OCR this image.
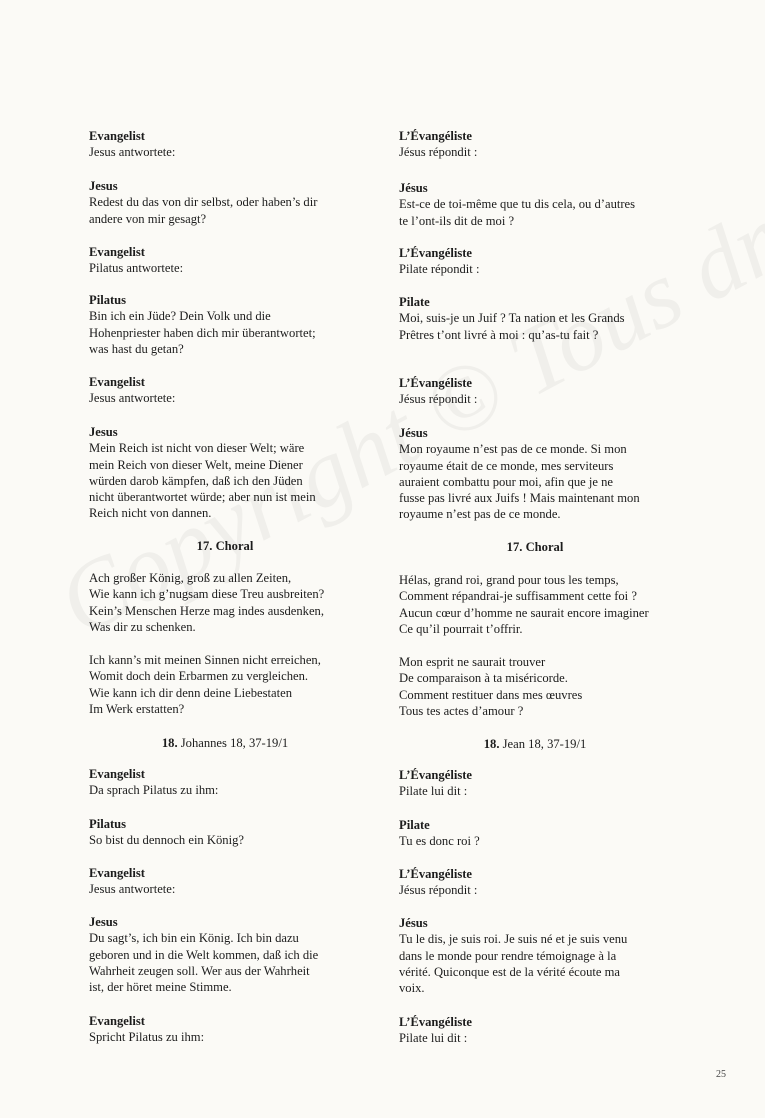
Evangelist
Jesus antwortete:
Jesus
Redest du das von dir selbst, oder haben’s dir
andere von mir gesagt?
Evangelist
Pilatus antwortete:
Pilatus
Bin ich ein Jüde? Dein Volk und die
Hohenpriester haben dich mir überantwortet;
was hast du getan?
Evangelist
Jesus antwortete:
Jesus
Mein Reich ist nicht von dieser Welt; wäre
mein Reich von dieser Welt, meine Diener
würden darob kämpfen, daß ich den Jüden
nicht überantwortet würde; aber nun ist mein
Reich nicht von dannen.
17. Choral
Ach großer König, groß zu allen Zeiten,
Wie kann ich g’nugsam diese Treu ausbreiten?
Kein’s Menschen Herze mag indes ausdenken,
Was dir zu schenken.
Ich kann’s mit meinen Sinnen nicht erreichen,
Womit doch dein Erbarmen zu vergleichen.
Wie kann ich dir denn deine Liebestaten
Im Werk erstatten?
18. Johannes 18, 37-19/1
Evangelist
Da sprach Pilatus zu ihm:
Pilatus
So bist du dennoch ein König?
Evangelist
Jesus antwortete:
Jesus
Du sagt’s, ich bin ein König. Ich bin dazu
geboren und in die Welt kommen, daß ich die
Wahrheit zeugen soll. Wer aus der Wahrheit
ist, der höret meine Stimme.
Evangelist
Spricht Pilatus zu ihm:
L’Évangéliste
Jésus répondit :
Jésus
Est-ce de toi-même que tu dis cela, ou d’autres
te l’ont-ils dit de moi ?
L’Évangéliste
Pilate répondit :
Pilate
Moi, suis-je un Juif ? Ta nation et les Grands
Prêtres t’ont livré à moi : qu’as-tu fait ?
L’Évangéliste
Jésus répondit :
Jésus
Mon royaume n’est pas de ce monde. Si mon
royaume était de ce monde, mes serviteurs
auraient combattu pour moi, afin que je ne
fusse pas livré aux Juifs ! Mais maintenant mon
royaume n’est pas de ce monde.
17. Choral
Hélas, grand roi, grand pour tous les temps,
Comment répandrai-je suffisamment cette foi ?
Aucun cœur d’homme ne saurait encore imaginer
Ce qu’il pourrait t’offrir.
Mon esprit ne saurait trouver
De comparaison à ta miséricorde.
Comment restituer dans mes œuvres
Tous tes actes d’amour ?
18. Jean 18, 37-19/1
L’Évangéliste
Pilate lui dit :
Pilate
Tu es donc roi ?
L’Évangéliste
Jésus répondit :
Jésus
Tu le dis, je suis roi. Je suis né et je suis venu
dans le monde pour rendre témoignage à la
vérité. Quiconque est de la vérité écoute ma
voix.
L’Évangéliste
Pilate lui dit :
25
